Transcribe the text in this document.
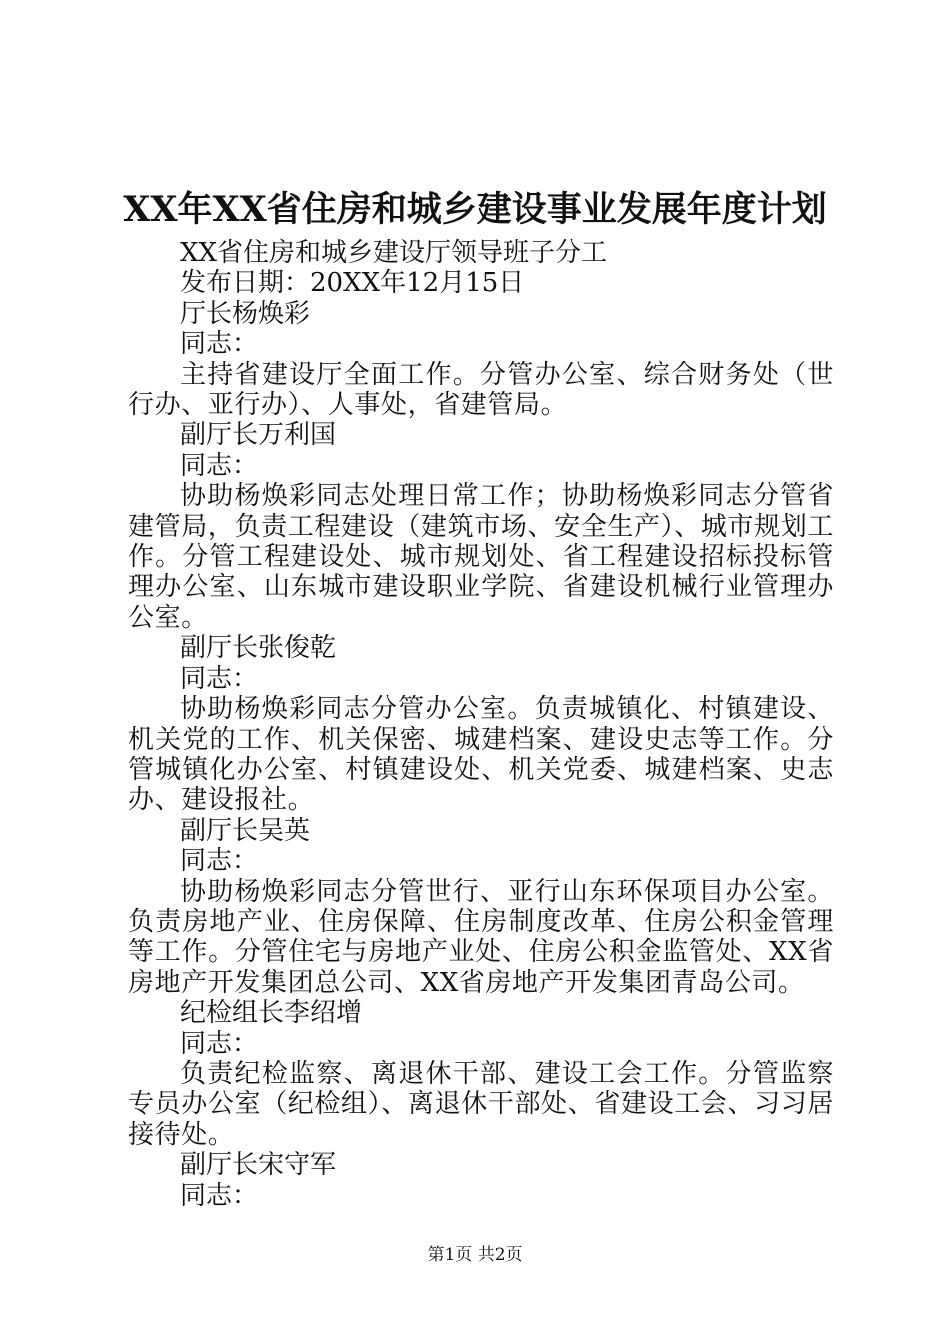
XX年XX省住房和城乡建设事业发展年度计划
XX省住房和城乡建设厅领导班子分工
发布日期：20XX年12月15日
厅长杨焕彩
同志：
主持省建设厅全面工作。分管办公室、综合财务处（世行办、亚行办）、人事处，省建管局。
副厅长万利国
同志：
协助杨焕彩同志处理日常工作；协助杨焕彩同志分管省建管局，负责工程建设（建筑市场、安全生产）、城市规划工作。分管工程建设处、城市规划处、省工程建设招标投标管理办公室、山东城市建设职业学院、省建设机械行业管理办公室。
副厅长张俊乾
同志：
协助杨焕彩同志分管办公室。负责城镇化、村镇建设、机关党的工作、机关保密、城建档案、建设史志等工作。分管城镇化办公室、村镇建设处、机关党委、城建档案、史志办、建设报社。
副厅长吴英
同志：
协助杨焕彩同志分管世行、亚行山东环保项目办公室。负责房地产业、住房保障、住房制度改革、住房公积金管理等工作。分管住宅与房地产业处、住房公积金监管处、XX省房地产开发集团总公司、XX省房地产开发集团青岛公司。
纪检组长李绍增
同志：
负责纪检监察、离退休干部、建设工会工作。分管监察专员办公室（纪检组）、离退休干部处、省建设工会、习习居接待处。
副厅长宋守军
同志：
第1页 共2页
